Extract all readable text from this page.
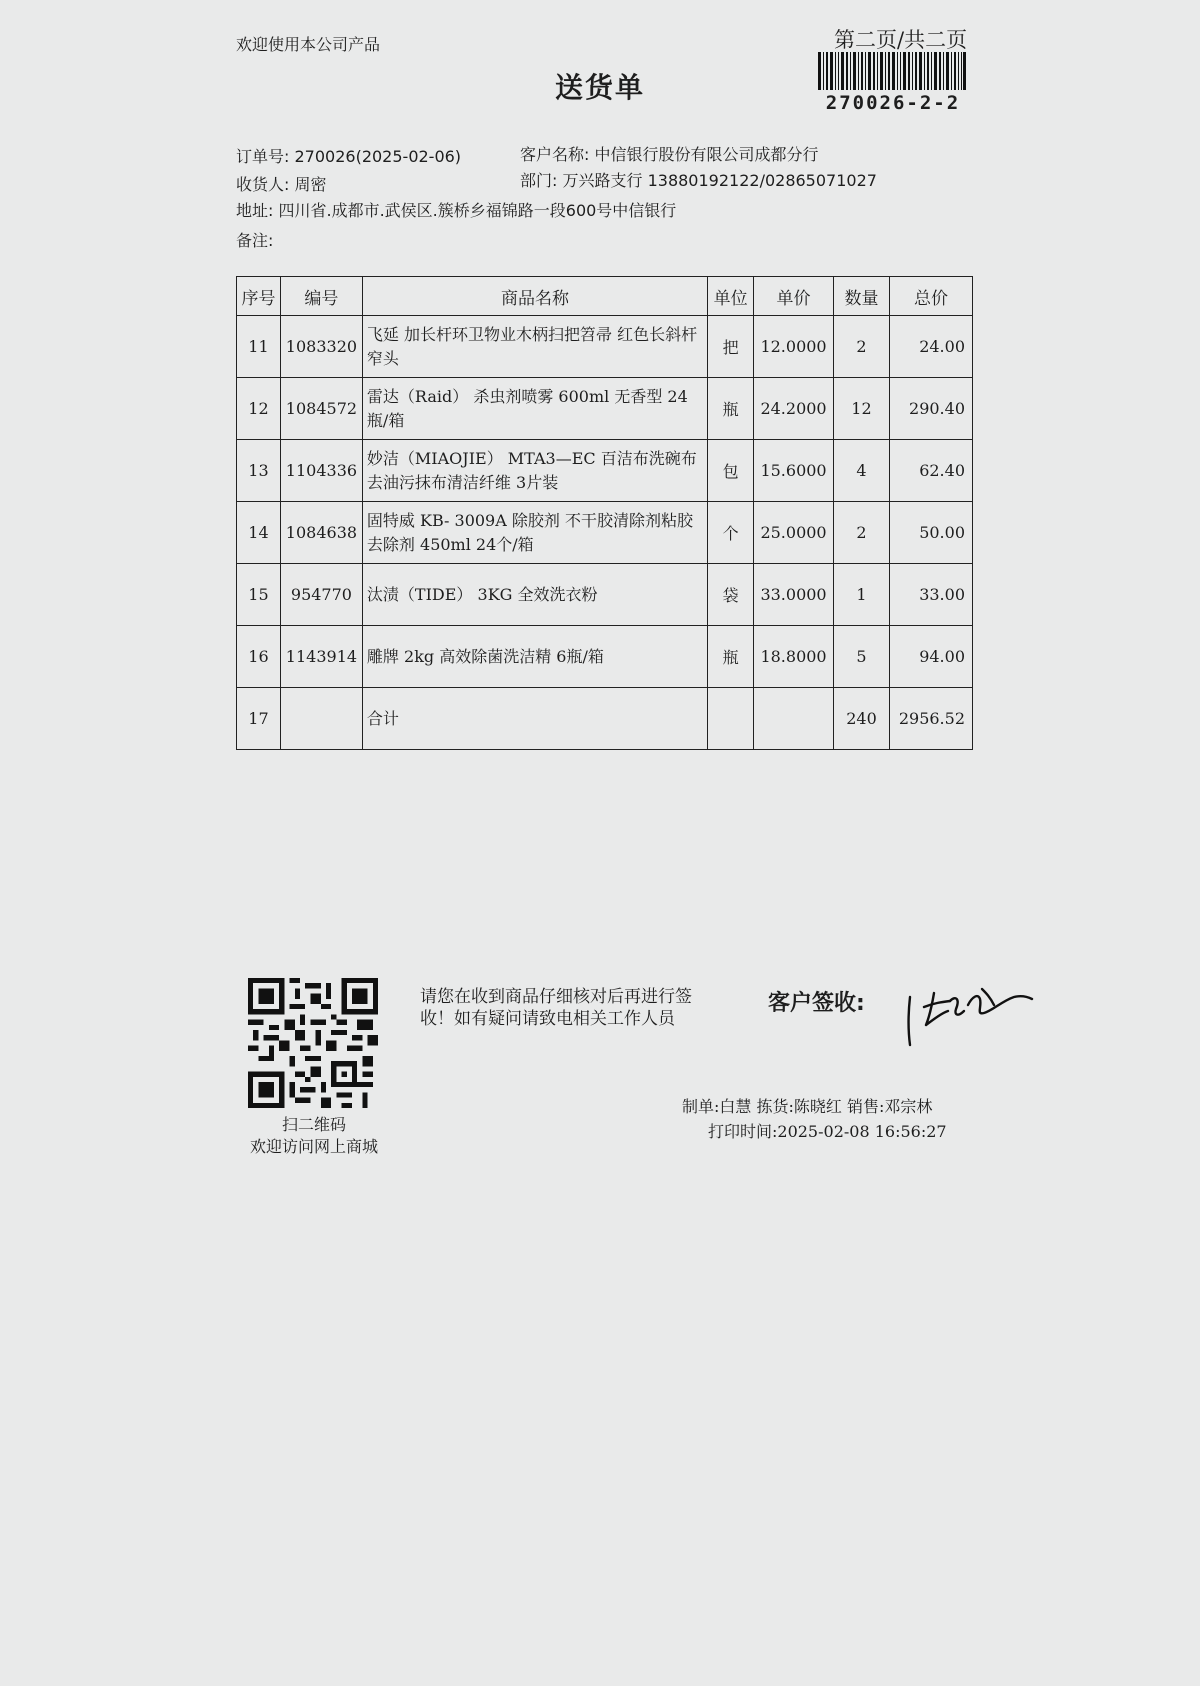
欢迎使用本公司产品	第二页/共二页
送货单	270026-2-2
订单号: 270026(2025-02-06)	客户名称: 中信银行股份有限公司成都分行
收货人: 周密	部门: 万兴路支行 13880192122/02865071027
地址: 四川省.成都市.武侯区.簇桥乡福锦路一段600号中信银行
备注:
序号	编号	商品名称	单位	单价	数量	总价
11	1083320	飞延 加长杆环卫物业木柄扫把笤帚 红色长斜杆窄头	把	12.0000	2	24.00
12	1084572	雷达（Raid） 杀虫剂喷雾 600ml 无香型 24瓶/箱	瓶	24.2000	12	290.40
13	1104336	妙洁（MIAOJIE） MTA3—EC 百洁布洗碗布 去油污抹布清洁纤维 3片装	包	15.6000	4	62.40
14	1084638	固特威 KB- 3009A 除胶剂 不干胶清除剂粘胶去除剂 450ml 24个/箱	个	25.0000	2	50.00
15	954770	汰渍（TIDE） 3KG 全效洗衣粉	袋	33.0000	1	33.00
16	1143914	雕牌 2kg 高效除菌洗洁精 6瓶/箱	瓶	18.8000	5	94.00
17		合计			240	2956.52
扫二维码
欢迎访问网上商城
请您在收到商品仔细核对后再进行签收！如有疑问请致电相关工作人员
客户签收:
制单:白慧 拣货:陈晓红 销售:邓宗林
打印时间:2025-02-08 16:56:27
